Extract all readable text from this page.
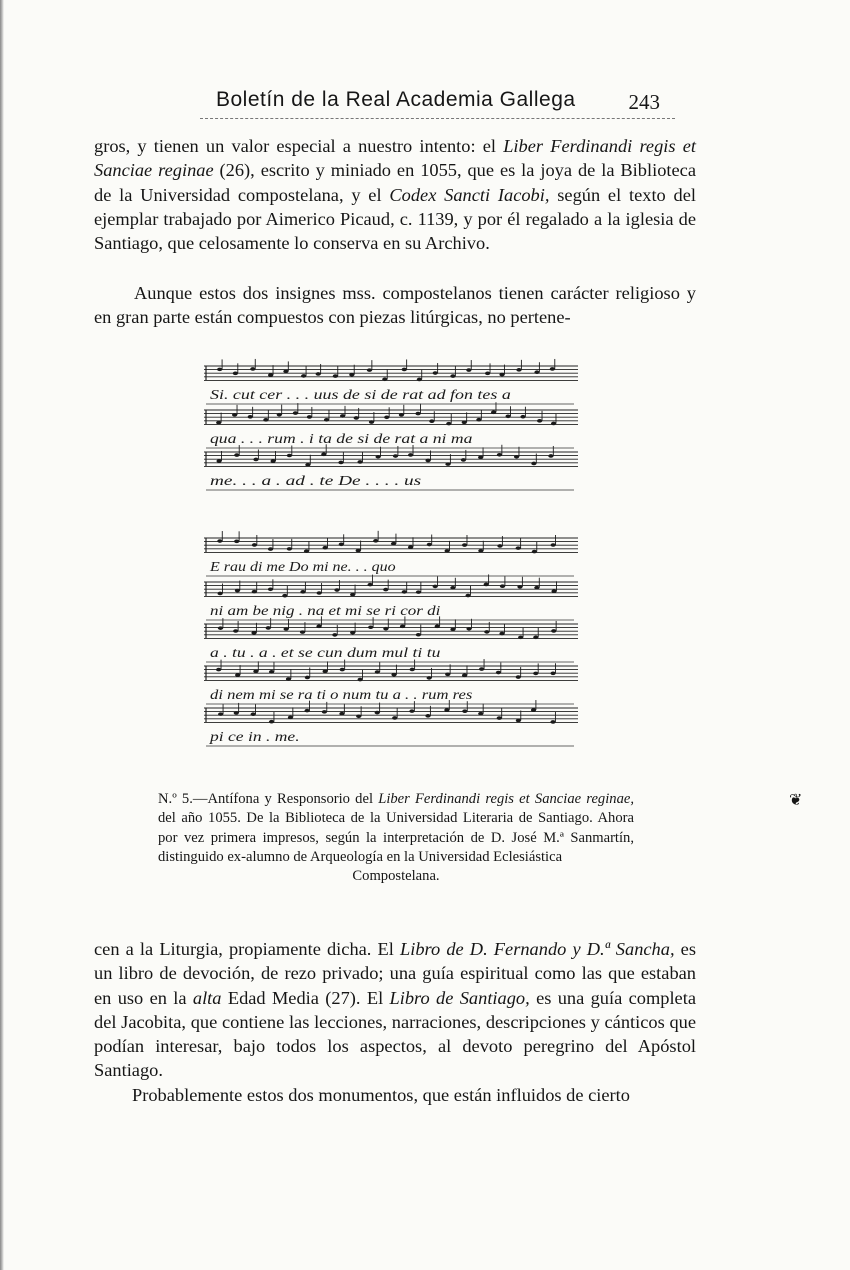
Boletín de la Real Academia Gallega	243

gros, y tienen un valor especial a nuestro intento: el Liber Ferdinandi regis et Sanciae reginae (26), escrito y miniado en 1055, que es la joya de la Biblioteca de la Universidad compostelana, y el Codex Sancti Iacobi, según el texto del ejemplar trabajado por Aimerico Picaud, c. 1139, y por él regalado a la iglesia de Santiago, que celosamente lo conserva en su Archivo.

Aunque estos dos insignes mss. compostelanos tienen carácter religioso y en gran parte están compuestos con piezas litúrgicas, no pertene-

Si. cut cer . . . uus de si de rat ad fon tes a
qua . . . rum . i ta de si de rat a ni ma
me. . . a . ad . te De . . . . us
E rau di me Do mi ne. . . quo
ni am be nig . na et mi se ri cor di
a . tu . a . et se cun dum mul ti tu
di nem mi se ra ti o num tu a . . rum res
pi ce in . me.

N.º 5.—Antífona y Responsorio del Liber Ferdinandi regis et Sanciae reginae, del año 1055. De la Biblioteca de la Universidad Literaria de Santiago. Ahora por vez primera impresos, según la interpretación de D. José M.ª Sanmartín, distinguido ex-alumno de Arqueología en la Universidad Eclesiástica
Compostelana.

❦

cen a la Liturgia, propiamente dicha. El Libro de D. Fernando y D.ª Sancha, es un libro de devoción, de rezo privado; una guía espiritual como las que estaban en uso en la alta Edad Media (27). El Libro de Santiago, es una guía completa del Jacobita, que contiene las lecciones, narraciones, descripciones y cánticos que podían interesar, bajo todos los aspectos, al devoto peregrino del Apóstol Santiago.

Probablemente estos dos monumentos, que están influidos de cierto
